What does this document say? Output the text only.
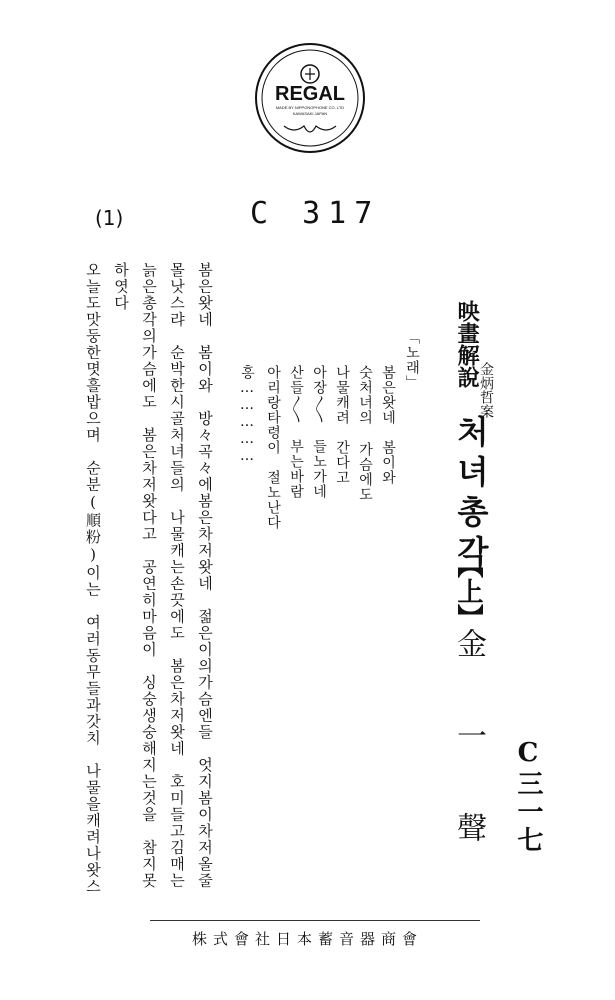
REGAL
MADE BY NIPPONOPHONE CO. LTD
KAWASAKI JAPAN
C 317
(1)
映畫解說
金炳哲案
처녀총각
【上】
金一聲 C三一七
「노래」
봄은왓네　봄이와
숫처녀의 가슴에도
나물캐려　간다고
아장〳〵　들노가네
산들〳〵　부는바람
아리랑타령이　절노난다
홍……………
봄은왓네　봄이와　방々곡々에봄은차저왓네　젊은이의가슴엔들　엇지봄이차저올줄
몰낫스랴　순박한시골처녀들의　나물캐는손끗에도　봄은차저왓네　호미들고김매는
늙은총각의가슴에도　봄은차저왓다고　공연히마음이　싱숭생숭해지는것을　참지못
하엿다
오늘도맛둥한몃흘밥으며　순분(順粉)이는　여러동무들과갓치　나물을캐려나왓스
株式會社日本蓄音器商會
